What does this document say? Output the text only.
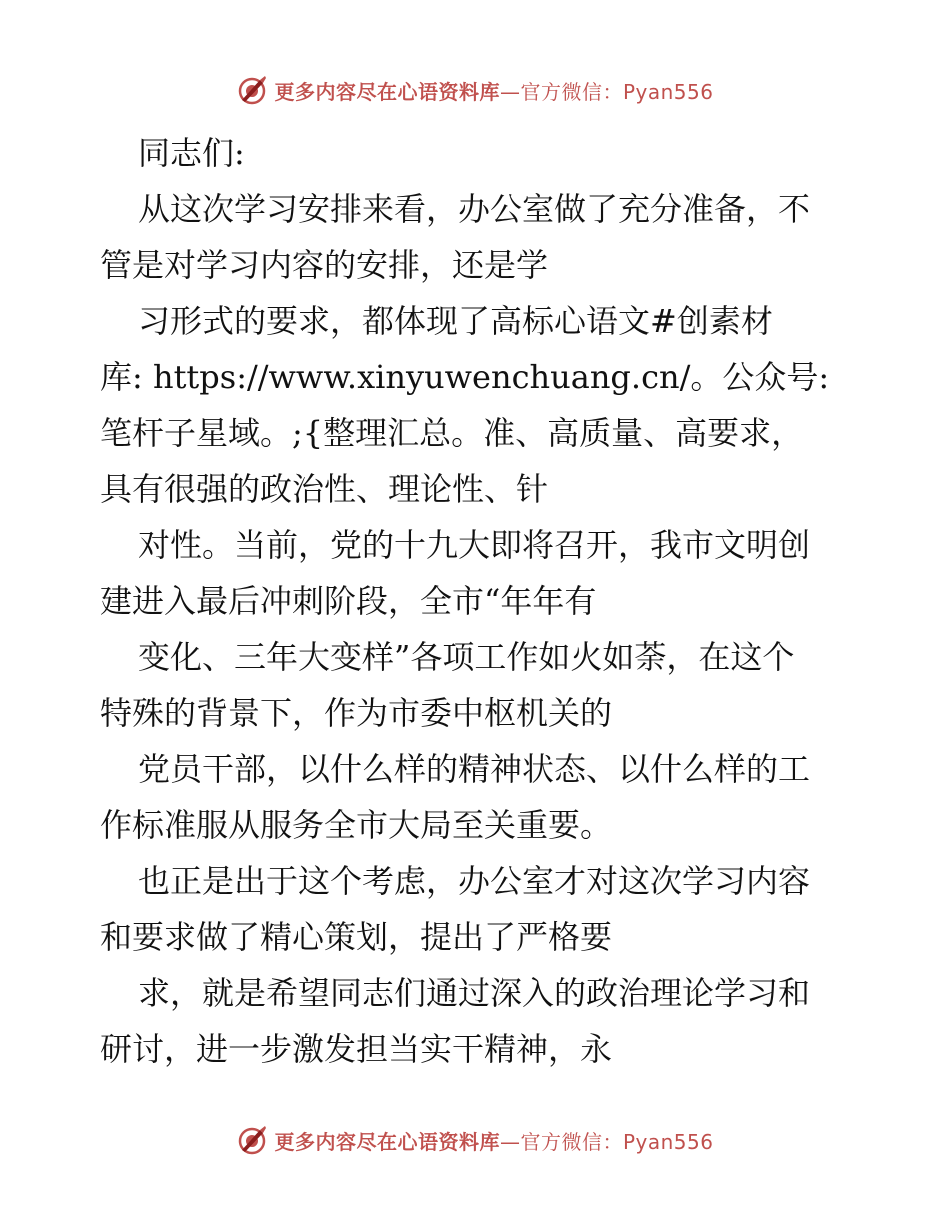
更多内容尽在心语资料库—官方微信：Pyan556

同志们:

从这次学习安排来看，办公室做了充分准备，不

管是对学习内容的安排，还是学

习形式的要求，都体现了高标心语文#创素材

库: https://www.xinyuwenchuang.cn/。公众号:

笔杆子星域。;{整理汇总。准、高质量、高要求，

具有很强的政治性、理论性、针

对性。当前，党的十九大即将召开，我市文明创

建进入最后冲刺阶段，全市“年年有

变化、三年大变样”各项工作如火如荼，在这个

特殊的背景下，作为市委中枢机关的

党员干部，以什么样的精神状态、以什么样的工

作标准服从服务全市大局至关重要。

也正是出于这个考虑，办公室才对这次学习内容

和要求做了精心策划，提出了严格要

求，就是希望同志们通过深入的政治理论学习和

研讨，进一步激发担当实干精神，永

更多内容尽在心语资料库—官方微信：Pyan556
